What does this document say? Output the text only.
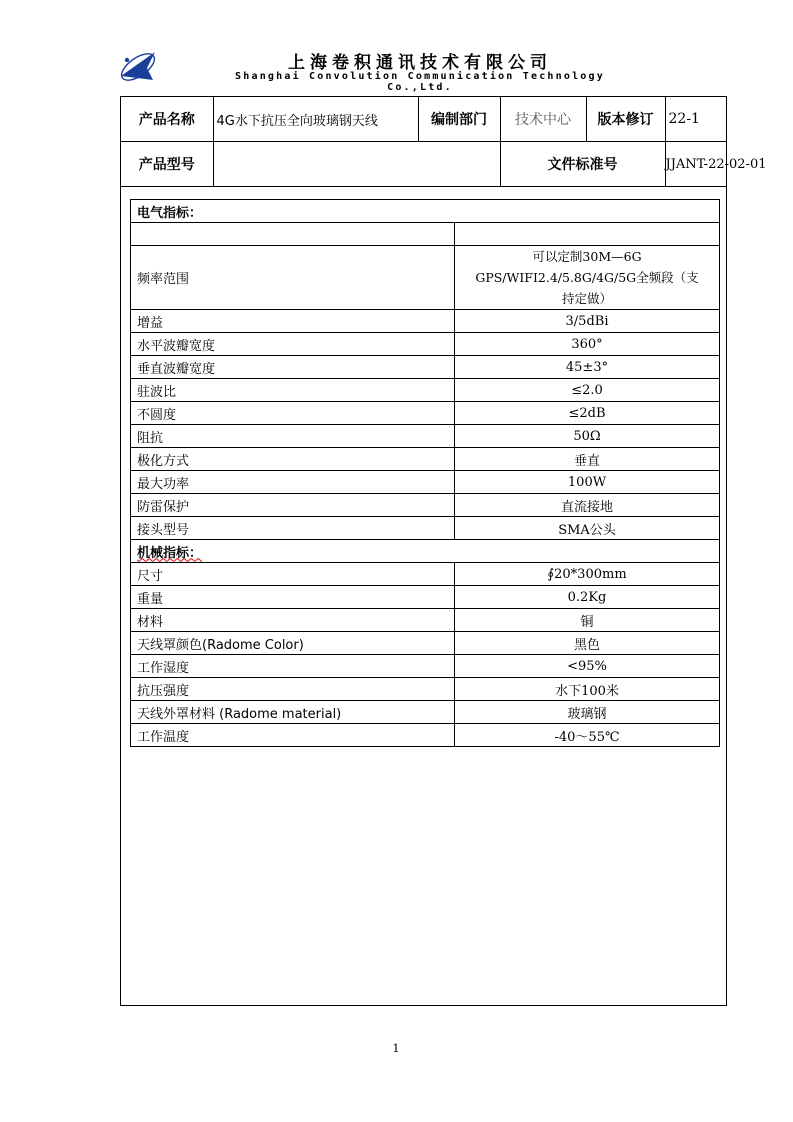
上海卷积通讯技术有限公司
Shanghai Convolution Communication Technology Co.,Ltd.
产品名称	4G水下抗压全向玻璃钢天线	编制部门	技术中心	版本修订	22-1
产品型号			文件标准号		JJANT-22-02-01
电气指标：	

频率范围	可以定制30M—6G
GPS/WIFI2.4/5.8G/4G/5G全频段（支
持定做）

增益	3/5dBi
水平波瓣宽度	360°
垂直波瓣宽度	45±3°
驻波比	≤2.0
不圆度	≤2dB
阻抗	50Ω
极化方式	垂直
最大功率	100W
防雷保护	直流接地
接头型号	SMA公头
机械指标：	
尺寸	∮20*300mm
重量	0.2Kg
材料	铜
天线罩颜色(Radome Color)	黑色
工作湿度	<95%
抗压强度	水下100米
天线外罩材料 (Radome material)	玻璃钢
工作温度	-40～55℃
1
